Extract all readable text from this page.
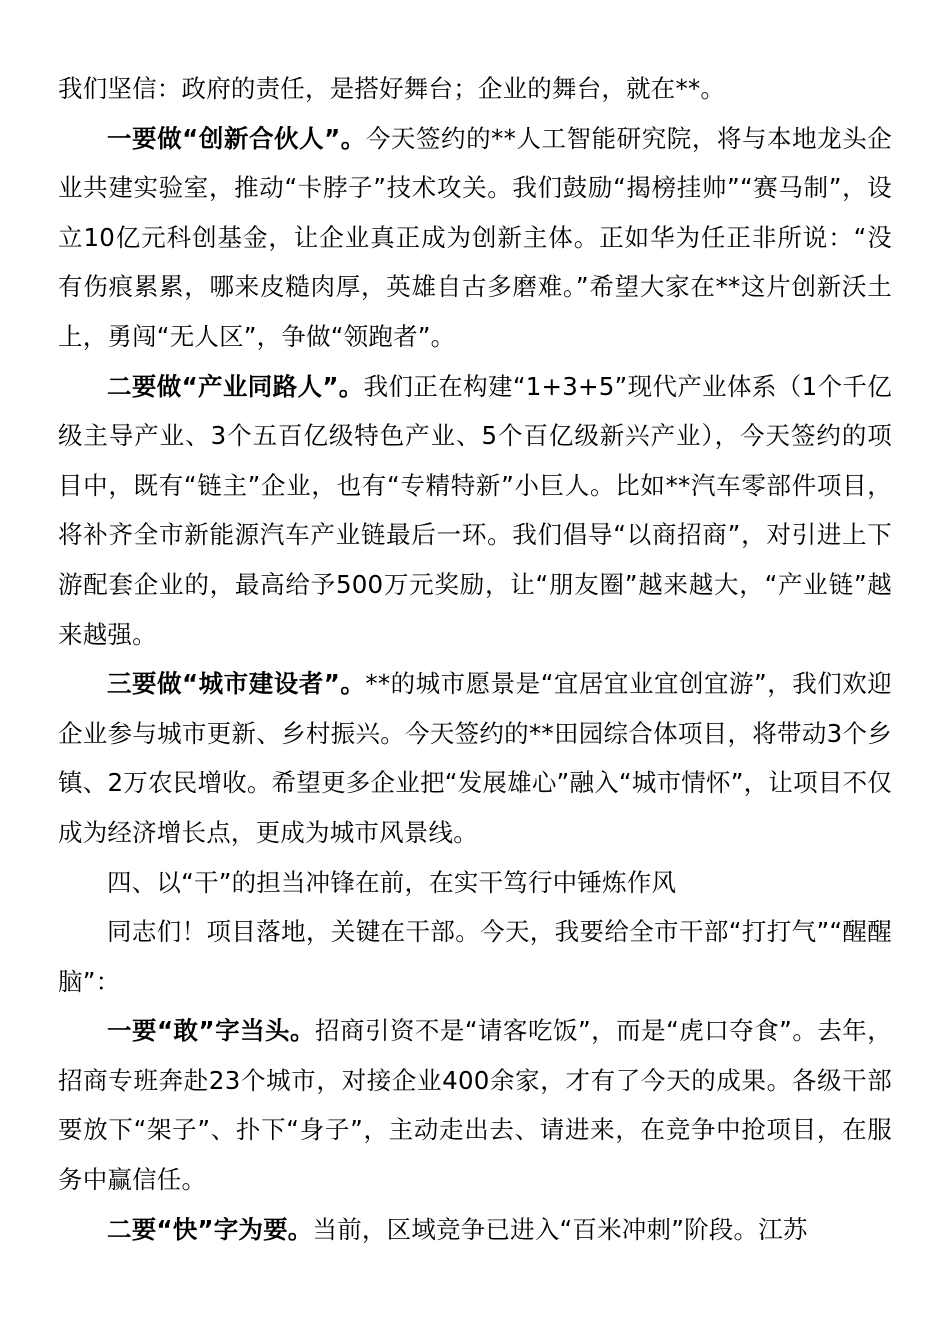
我们坚信：政府的责任，是搭好舞台；企业的舞台，就在**。

一要做“创新合伙人”。今天签约的**人工智能研究院，将与本地龙头企业共建实验室，推动“卡脖子”技术攻关。我们鼓励“揭榜挂帅”“赛马制”，设立10亿元科创基金，让企业真正成为创新主体。正如华为任正非所说：“没有伤痕累累，哪来皮糙肉厚，英雄自古多磨难。”希望大家在**这片创新沃土上，勇闯“无人区”，争做“领跑者”。

二要做“产业同路人”。我们正在构建“1+3+5”现代产业体系（1个千亿级主导产业、3个五百亿级特色产业、5个百亿级新兴产业），今天签约的项目中，既有“链主”企业，也有“专精特新”小巨人。比如**汽车零部件项目，将补齐全市新能源汽车产业链最后一环。我们倡导“以商招商”，对引进上下游配套企业的，最高给予500万元奖励，让“朋友圈”越来越大，“产业链”越来越强。

三要做“城市建设者”。**的城市愿景是“宜居宜业宜创宜游”，我们欢迎企业参与城市更新、乡村振兴。今天签约的**田园综合体项目，将带动3个乡镇、2万农民增收。希望更多企业把“发展雄心”融入“城市情怀”，让项目不仅成为经济增长点，更成为城市风景线。

四、以“干”的担当冲锋在前，在实干笃行中锤炼作风

同志们！项目落地，关键在干部。今天，我要给全市干部“打打气”“醒醒脑”：

一要“敢”字当头。招商引资不是“请客吃饭”，而是“虎口夺食”。去年，招商专班奔赴23个城市，对接企业400余家，才有了今天的成果。各级干部要放下“架子”、扑下“身子”，主动走出去、请进来，在竞争中抢项目，在服务中赢信任。

二要“快”字为要。当前，区域竞争已进入“百米冲刺”阶段。江苏
